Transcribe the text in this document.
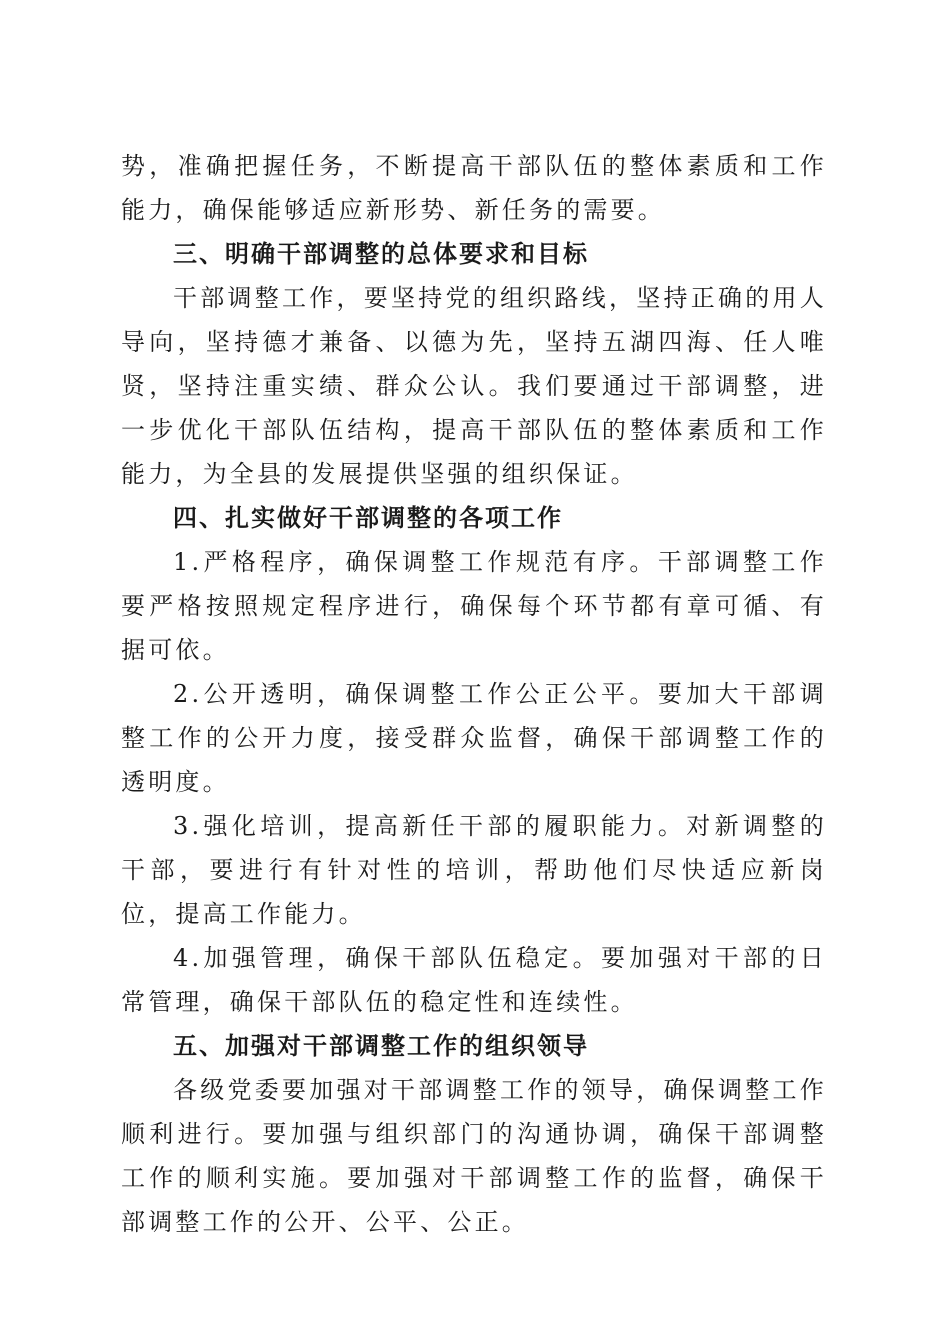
势，准确把握任务，不断提高干部队伍的整体素质和工作能力，确保能够适应新形势、新任务的需要。

三、明确干部调整的总体要求和目标

干部调整工作，要坚持党的组织路线，坚持正确的用人导向，坚持德才兼备、以德为先，坚持五湖四海、任人唯贤，坚持注重实绩、群众公认。我们要通过干部调整，进一步优化干部队伍结构，提高干部队伍的整体素质和工作能力，为全县的发展提供坚强的组织保证。

四、扎实做好干部调整的各项工作

1.严格程序，确保调整工作规范有序。干部调整工作要严格按照规定程序进行，确保每个环节都有章可循、有据可依。

2.公开透明，确保调整工作公正公平。要加大干部调整工作的公开力度，接受群众监督，确保干部调整工作的透明度。

3.强化培训，提高新任干部的履职能力。对新调整的干部，要进行有针对性的培训，帮助他们尽快适应新岗位，提高工作能力。

4.加强管理，确保干部队伍稳定。要加强对干部的日常管理，确保干部队伍的稳定性和连续性。

五、加强对干部调整工作的组织领导

各级党委要加强对干部调整工作的领导，确保调整工作顺利进行。要加强与组织部门的沟通协调，确保干部调整工作的顺利实施。要加强对干部调整工作的监督，确保干部调整工作的公开、公平、公正。
